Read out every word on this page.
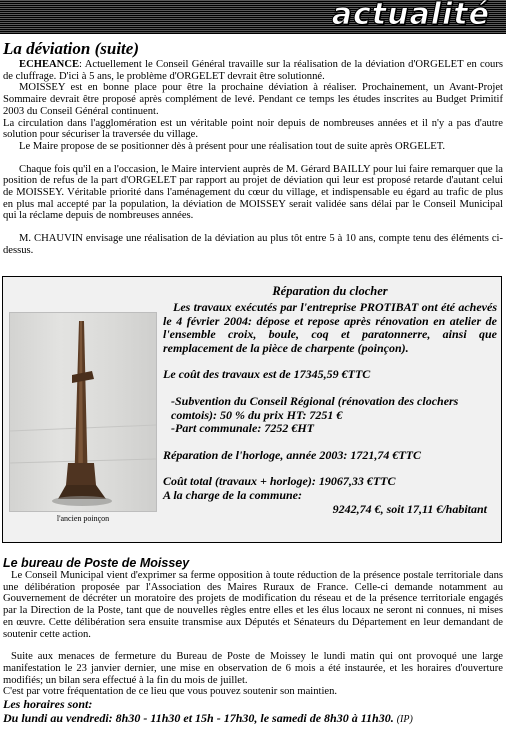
actualité
La déviation (suite)

ECHEANCE: Actuellement le Conseil Général travaille sur la réalisation de la déviation d'ORGELET en cours de cluffrage. D'ici à 5 ans, le problème d'ORGELET devrait être solutionné.

MOISSEY est en bonne place pour être la prochaine déviation à réaliser. Prochainement, un Avant-Projet Sommaire devrait être proposé après complément de levé. Pendant ce temps les études inscrites au Budget Primitif 2003 du Conseil Général continuent.

La circulation dans l'agglomération est un véritable point noir depuis de nombreuses années et il n'y a pas d'autre solution pour sécuriser la traversée du village.

Le Maire propose de se positionner dès à présent pour une réalisation tout de suite après ORGELET.

Chaque fois qu'il en a l'occasion, le Maire intervient auprès de M. Gérard BAILLY pour lui faire remarquer que la position de refus de la part d'ORGELET par rapport au projet de déviation qui leur est proposé retarde d'autant celui de MOISSEY. Véritable priorité dans l'aménagement du cœur du village, et indispensable eu égard au trafic de plus en plus mal accepté par la population, la déviation de MOISSEY serait validée sans délai par le Conseil Municipal qui la réclame depuis de nombreuses années.

M. CHAUVIN envisage une réalisation de la déviation au plus tôt entre 5 à 10 ans, compte tenu des éléments ci-dessus.

l'ancien poinçon
Réparation du clocher

Les travaux exécutés par l'entreprise PROTIBAT ont été achevés le 4 février 2004: dépose et repose après rénovation en atelier de l'ensemble croix, boule, coq et paratonnerre, ainsi que remplacement de la pièce de charpente (poinçon).

Le coût des travaux est de 17345,59 €TTC

-Subvention du Conseil Régional (rénovation des clochers comtois): 50 % du prix HT: 7251 €

-Part communale: 7252 €HT

Réparation de l'horloge, année 2003: 1721,74 €TTC

Coût total (travaux + horloge): 19067,33 €TTC

A la charge de la commune:

9242,74 €, soit 17,11 €/habitant

Le bureau de Poste de Moissey

Le Conseil Municipal vient d'exprimer sa ferme opposition à toute réduction de la présence postale territoriale dans une délibération proposée par l'Association des Maires Ruraux de France. Celle-ci demande notamment au Gouvernement de décréter un moratoire des projets de modification du réseau et de la présence territoriale engagés par la Direction de la Poste, tant que de nouvelles règles entre elles et les élus locaux ne seront ni connues, ni mises en œuvre. Cette délibération sera ensuite transmise aux Députés et Sénateurs du Département en leur demandant de soutenir cette action.

Suite aux menaces de fermeture du Bureau de Poste de Moissey le lundi matin qui ont provoqué une large manifestation le 23 janvier dernier, une mise en observation de 6 mois a été instaurée, et les horaires d'ouverture modifiés; un bilan sera effectué à la fin du mois de juillet.

C'est par votre fréquentation de ce lieu que vous pouvez soutenir son maintien.

Les horaires sont:

Du lundi au vendredi: 8h30 - 11h30 et 15h - 17h30, le samedi de 8h30 à 11h30. (IP)
